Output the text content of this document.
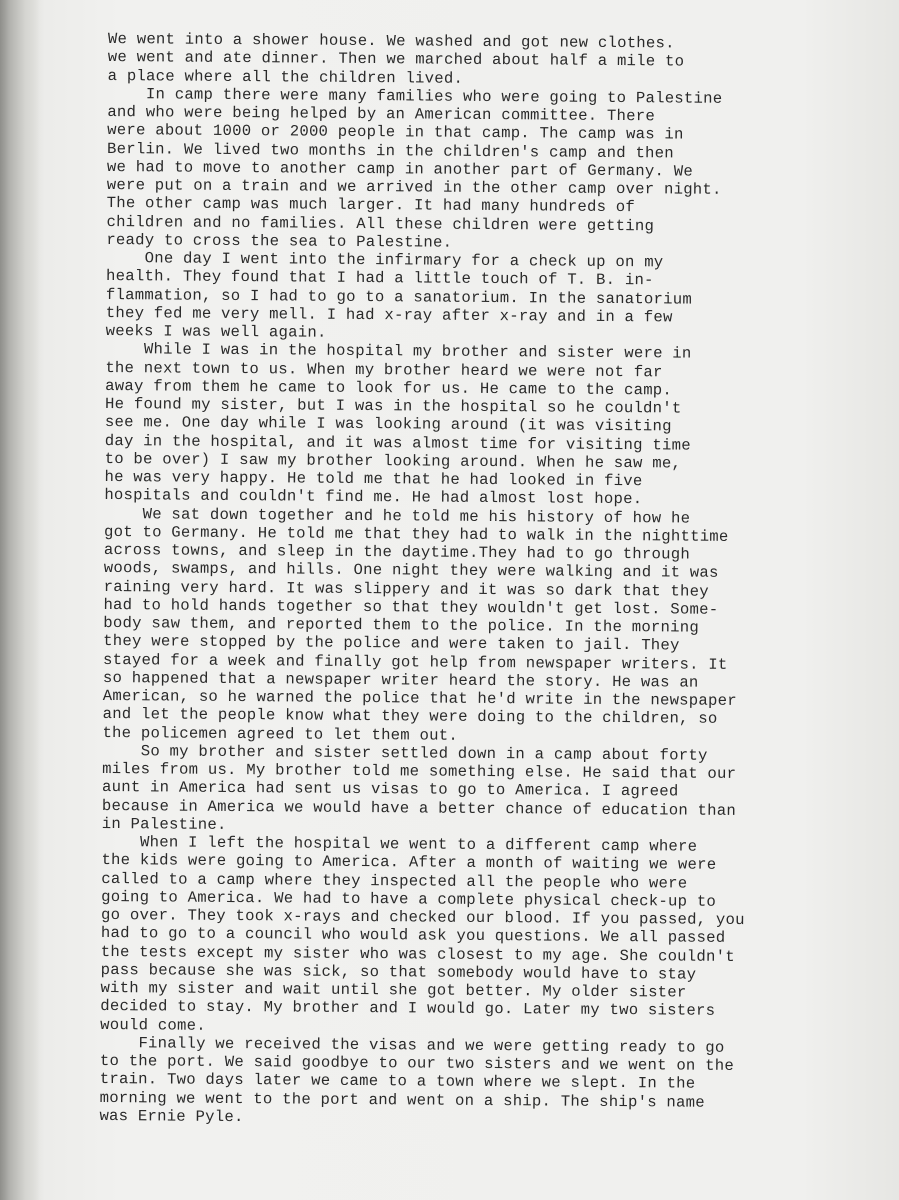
We went into a shower house. We washed and got new clothes.
we went and ate dinner. Then we marched about half a mile to
a place where all the children lived.
In camp there were many families who were going to Palestine
and who were being helped by an American committee. There
were about 1000 or 2000 people in that camp. The camp was in
Berlin. We lived two months in the children's camp and then
we had to move to another camp in another part of Germany. We
were put on a train and we arrived in the other camp over night.
The other camp was much larger. It had many hundreds of
children and no families. All these children were getting
ready to cross the sea to Palestine.
One day I went into the infirmary for a check up on my
health. They found that I had a little touch of T. B. in-
flammation, so I had to go to a sanatorium. In the sanatorium
they fed me very mell. I had x-ray after x-ray and in a few
weeks I was well again.
While I was in the hospital my brother and sister were in
the next town to us. When my brother heard we were not far
away from them he came to look for us. He came to the camp.
He found my sister, but I was in the hospital so he couldn't
see me. One day while I was looking around (it was visiting
day in the hospital, and it was almost time for visiting time
to be over) I saw my brother looking around. When he saw me,
he was very happy. He told me that he had looked in five
hospitals and couldn't find me. He had almost lost hope.
We sat down together and he told me his history of how he
got to Germany. He told me that they had to walk in the nighttime
across towns, and sleep in the daytime.They had to go through
woods, swamps, and hills. One night they were walking and it was
raining very hard. It was slippery and it was so dark that they
had to hold hands together so that they wouldn't get lost. Some-
body saw them, and reported them to the police. In the morning
they were stopped by the police and were taken to jail. They
stayed for a week and finally got help from newspaper writers. It
so happened that a newspaper writer heard the story. He was an
American, so he warned the police that he'd write in the newspaper
and let the people know what they were doing to the children, so
the policemen agreed to let them out.
So my brother and sister settled down in a camp about forty
miles from us. My brother told me something else. He said that our
aunt in America had sent us visas to go to America. I agreed
because in America we would have a better chance of education than
in Palestine.
When I left the hospital we went to a different camp where
the kids were going to America. After a month of waiting we were
called to a camp where they inspected all the people who were
going to America. We had to have a complete physical check-up to
go over. They took x-rays and checked our blood. If you passed, you
had to go to a council who would ask you questions. We all passed
the tests except my sister who was closest to my age. She couldn't
pass because she was sick, so that somebody would have to stay
with my sister and wait until she got better. My older sister
decided to stay. My brother and I would go. Later my two sisters
would come.
Finally we received the visas and we were getting ready to go
to the port. We said goodbye to our two sisters and we went on the
train. Two days later we came to a town where we slept. In the
morning we went to the port and went on a ship. The ship's name
was Ernie Pyle.
